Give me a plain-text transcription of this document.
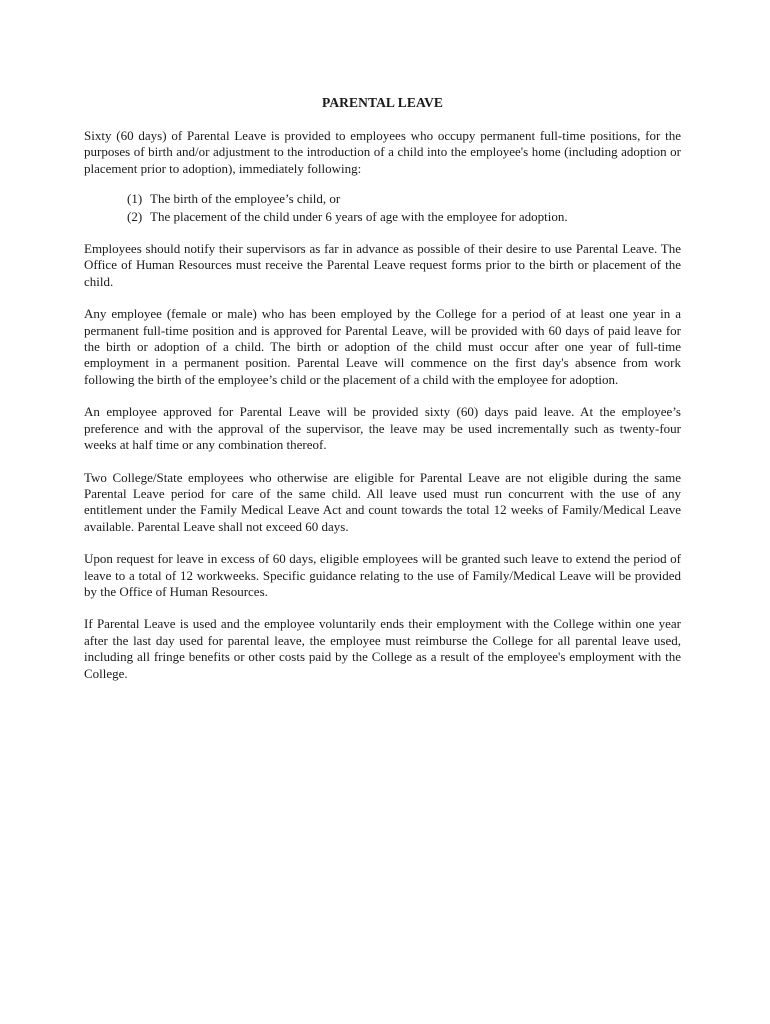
PARENTAL LEAVE

Sixty (60 days) of Parental Leave is provided to employees who occupy permanent full-time positions, for the purposes of birth and/or adjustment to the introduction of a child into the employee's home (including adoption or placement prior to adoption), immediately following:

(1) The birth of the employee’s child, or
(2) The placement of the child under 6 years of age with the employee for adoption.

Employees should notify their supervisors as far in advance as possible of their desire to use Parental Leave. The Office of Human Resources must receive the Parental Leave request forms prior to the birth or placement of the child.

Any employee (female or male) who has been employed by the College for a period of at least one year in a permanent full-time position and is approved for Parental Leave, will be provided with 60 days of paid leave for the birth or adoption of a child. The birth or adoption of the child must occur after one year of full-time employment in a permanent position. Parental Leave will commence on the first day's absence from work following the birth of the employee’s child or the placement of a child with the employee for adoption.

An employee approved for Parental Leave will be provided sixty (60) days paid leave. At the employee’s preference and with the approval of the supervisor, the leave may be used incrementally such as twenty-four weeks at half time or any combination thereof.

Two College/State employees who otherwise are eligible for Parental Leave are not eligible during the same Parental Leave period for care of the same child. All leave used must run concurrent with the use of any entitlement under the Family Medical Leave Act and count towards the total 12 weeks of Family/Medical Leave available. Parental Leave shall not exceed 60 days.

Upon request for leave in excess of 60 days, eligible employees will be granted such leave to extend the period of leave to a total of 12 workweeks. Specific guidance relating to the use of Family/Medical Leave will be provided by the Office of Human Resources.

If Parental Leave is used and the employee voluntarily ends their employment with the College within one year after the last day used for parental leave, the employee must reimburse the College for all parental leave used, including all fringe benefits or other costs paid by the College as a result of the employee's employment with the College.
